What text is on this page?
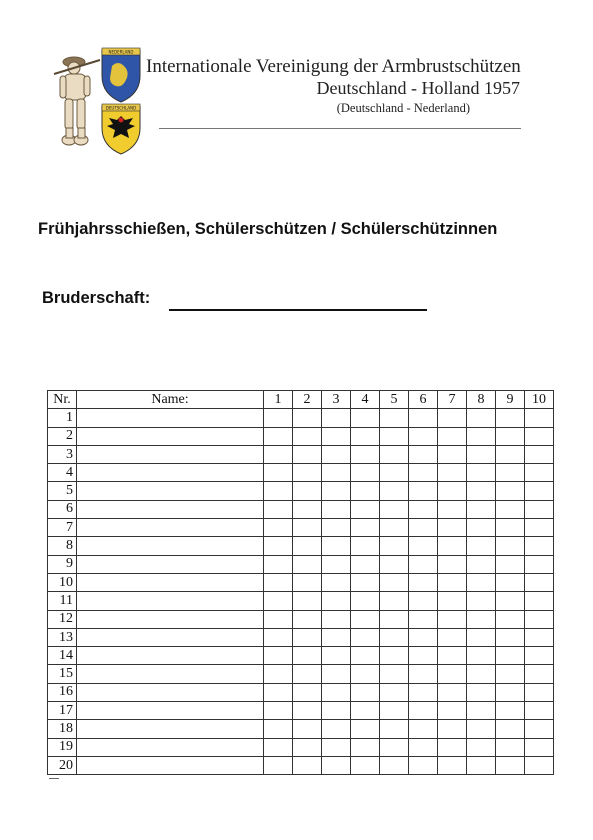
NEDERLAND
DEUTSCHLAND
Internationale Vereinigung der Armbrustschützen
Deutschland - Holland 1957
(Deutschland - Nederland)
Frühjahrsschießen, Schülerschützen / Schülerschützinnen
Bruderschaft:
Nr.	Name:	1	2	3	4	5	6	7	8	9	10
1											
2											
3											
4											
5											
6											
7											
8											
9											
10											
11											
12											
13											
14											
15											
16											
17											
18											
19											
20											
